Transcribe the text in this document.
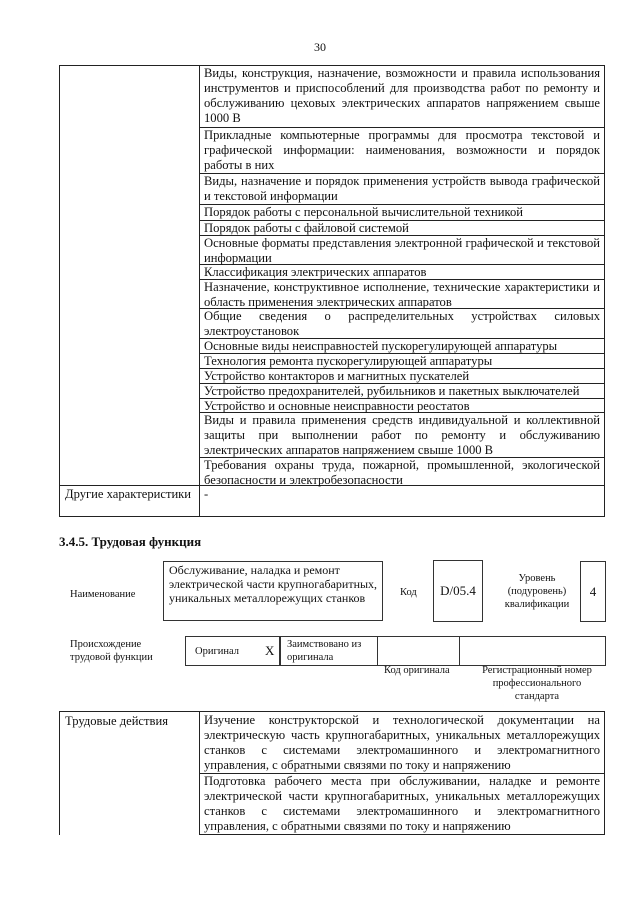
30
Виды, конструкция, назначение, возможности и правила использования инструментов и приспособлений для производства работ по ремонту и обслуживанию цеховых электрических аппаратов напряжением свыше 1000 В
Прикладные компьютерные программы для просмотра текстовой и графической информации: наименования, возможности и порядок работы в них
Виды, назначение и порядок применения устройств вывода графической и текстовой информации
Порядок работы с персональной вычислительной техникой
Порядок работы с файловой системой
Основные форматы представления электронной графической и текстовой информации
Классификация электрических аппаратов
Назначение, конструктивное исполнение, технические характеристики и область применения электрических аппаратов
Общие сведения о распределительных устройствах силовых электроустановок
Основные виды неисправностей пускорегулирующей аппаратуры
Технология ремонта пускорегулирующей аппаратуры
Устройство контакторов и магнитных пускателей
Устройство предохранителей, рубильников и пакетных выключателей
Устройство и основные неисправности реостатов
Виды и правила применения средств индивидуальной и коллективной защиты при выполнении работ по ремонту и обслуживанию электрических аппаратов напряжением свыше 1000 В
Требования охраны труда, пожарной, промышленной, экологической безопасности и электробезопасности
Другие характеристики -
3.4.5. Трудовая функция
Наименование
Обслуживание, наладка и ремонт электрической части крупногабаритных, уникальных металлорежущих станков	Код	D/05.4
Уровень (подуровень) квалификации
4
Происхождение трудовой функции
Оригинал X Заимствовано из оригинала
Код оригинала	Регистрационный номер профессионального стандарта
Трудовые действия	Изучение конструкторской и технологической документации на электрическую часть крупногабаритных, уникальных металлорежущих станков с системами электромашинного и электромагнитного управления, с обратными связями по току и напряжению
Подготовка рабочего места при обслуживании, наладке и ремонте электрической части крупногабаритных, уникальных металлорежущих станков с системами электромашинного и электромагнитного управления, с обратными связями по току и напряжению
